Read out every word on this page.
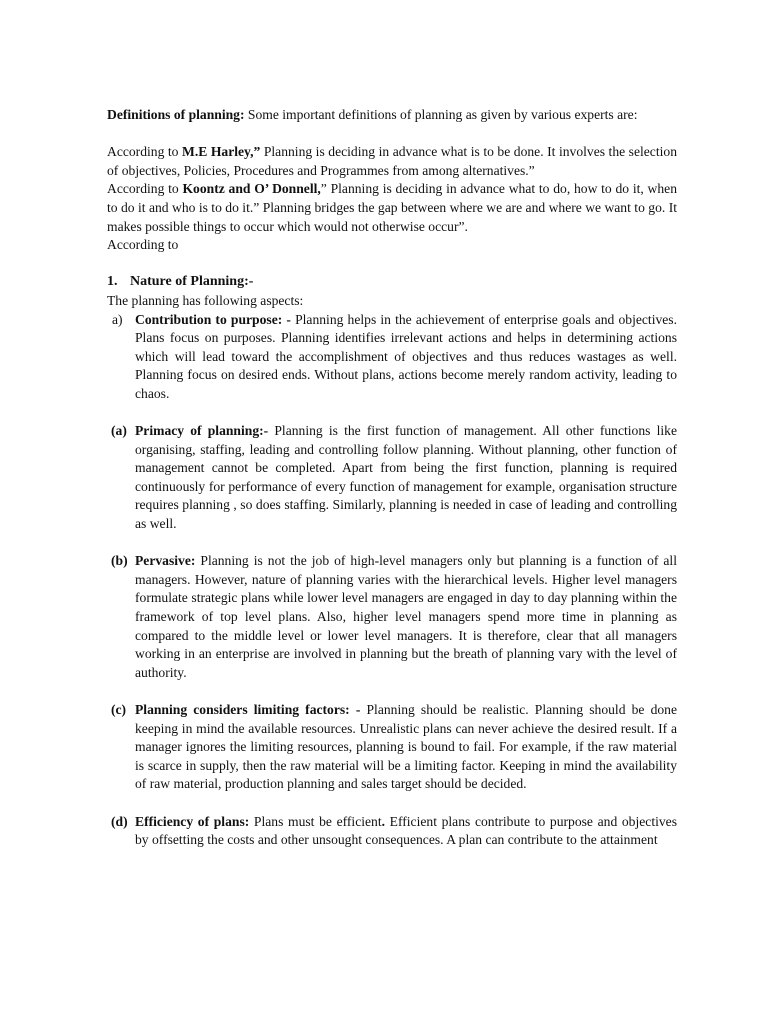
Definitions of planning: Some important definitions of planning as given by various experts are:

According to M.E Harley,” Planning is deciding in advance what is to be done. It involves the selection of objectives, Policies, Procedures and Programmes from among alternatives.”

According to Koontz and O’ Donnell,” Planning is deciding in advance what to do, how to do it, when to do it and who is to do it.” Planning bridges the gap between where we are and where we want to go. It makes possible things to occur which would not otherwise occur”.

According to

1. Nature of Planning:-

The planning has following aspects:

a) Contribution to purpose: - Planning helps in the achievement of enterprise goals and objectives. Plans focus on purposes. Planning identifies irrelevant actions and helps in determining actions which will lead toward the accomplishment of objectives and thus reduces wastages as well. Planning focus on desired ends. Without plans, actions become merely random activity, leading to chaos.
(a) Primacy of planning:- Planning is the first function of management. All other functions like organising, staffing, leading and controlling follow planning. Without planning, other function of management cannot be completed. Apart from being the first function, planning is required continuously for performance of every function of management for example, organisation structure requires planning , so does staffing. Similarly, planning is needed in case of leading and controlling as well.
(b) Pervasive: Planning is not the job of high-level managers only but planning is a function of all managers. However, nature of planning varies with the hierarchical levels. Higher level managers formulate strategic plans while lower level managers are engaged in day to day planning within the framework of top level plans. Also, higher level managers spend more time in planning as compared to the middle level or lower level managers. It is therefore, clear that all managers working in an enterprise are involved in planning but the breath of planning vary with the level of authority.
(c) Planning considers limiting factors: - Planning should be realistic. Planning should be done keeping in mind the available resources. Unrealistic plans can never achieve the desired result. If a manager ignores the limiting resources, planning is bound to fail. For example, if the raw material is scarce in supply, then the raw material will be a limiting factor. Keeping in mind the availability of raw material, production planning and sales target should be decided.
(d) Efficiency of plans: Plans must be efficient. Efficient plans contribute to purpose and objectives by offsetting the costs and other unsought consequences. A plan can contribute to the attainment
